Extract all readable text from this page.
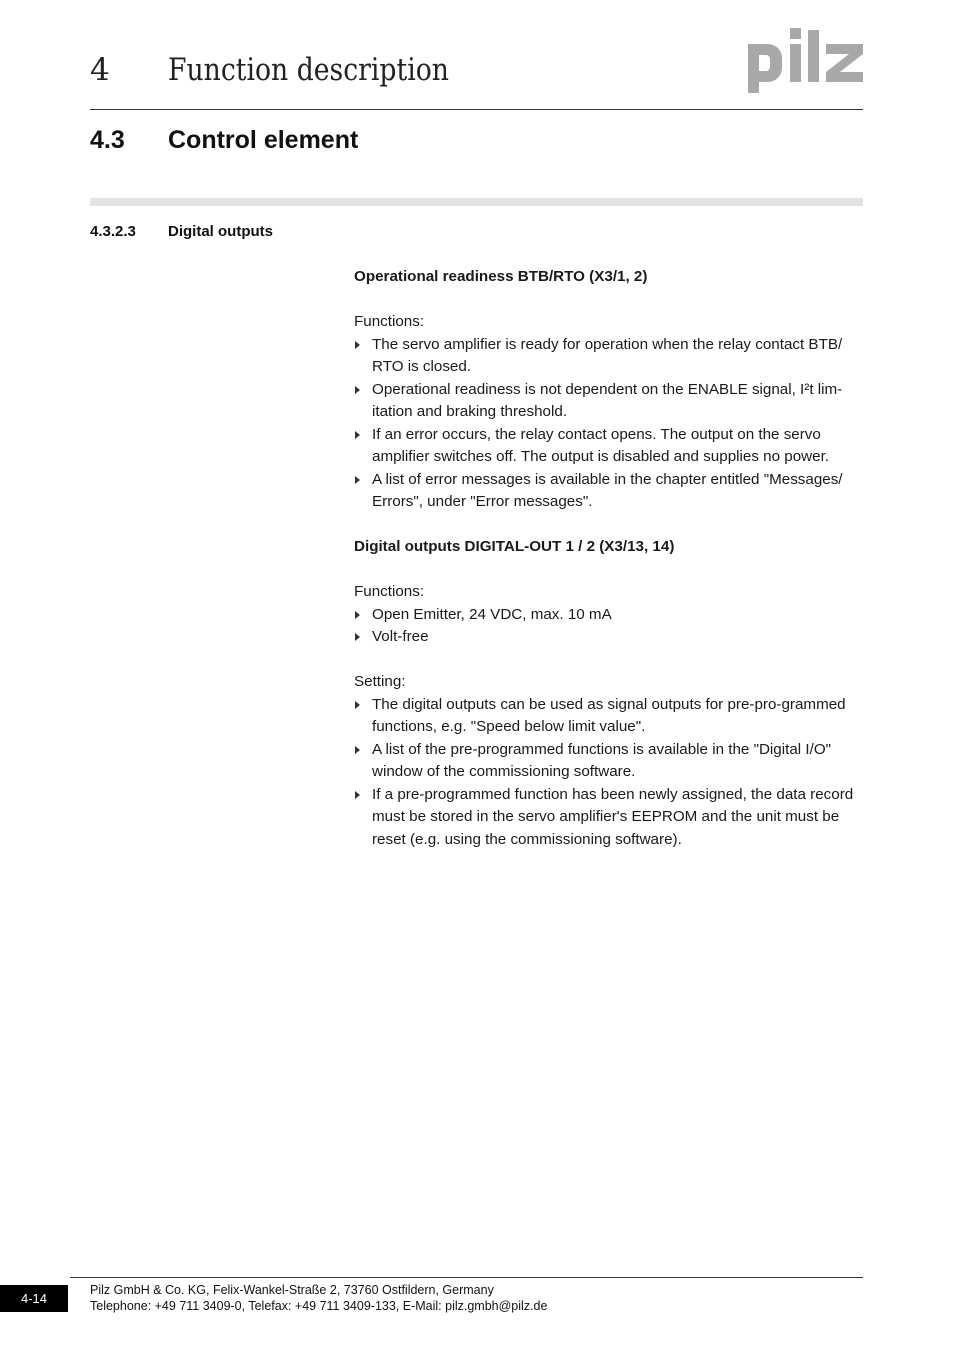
4 Function description
4.3 Control element
4.3.2.3 Digital outputs

Operational readiness BTB/RTO (X3/1, 2)

Functions:

The servo amplifier is ready for operation when the relay contact BTB/ RTO is closed.
Operational readiness is not dependent on the ENABLE signal, I²t lim-itation and braking threshold.
If an error occurs, the relay contact opens. The output on the servo amplifier switches off. The output is disabled and supplies no power.
A list of error messages is available in the chapter entitled "Messages/ Errors", under "Error messages".

Digital outputs DIGITAL-OUT 1 / 2 (X3/13, 14)

Functions:

Open Emitter, 24 VDC, max. 10 mA
Volt-free

Setting:

The digital outputs can be used as signal outputs for pre-pro-grammed functions, e.g. "Speed below limit value".
A list of the pre-programmed functions is available in the "Digital I/O" window of the commissioning software.
If a pre-programmed function has been newly assigned, the data record must be stored in the servo amplifier's EEPROM and the unit must be reset (e.g. using the commissioning software).
4-14
Pilz GmbH & Co. KG, Felix-Wankel-Straße 2, 73760 Ostfildern, Germany
Telephone: +49 711 3409-0, Telefax: +49 711 3409-133, E-Mail: pilz.gmbh@pilz.de
